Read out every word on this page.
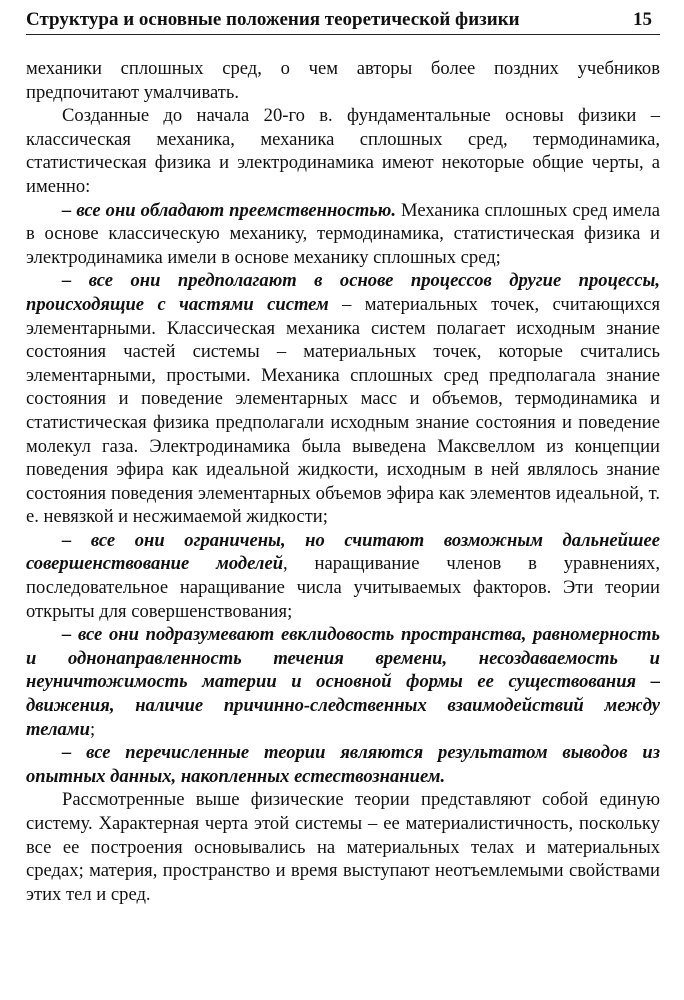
Структура и основные положения теоретической физики	15

механики сплошных сред, о чем авторы более поздних учебников предпочитают умалчивать.

Созданные до начала 20-го в. фундаментальные основы физики – классическая механика, механика сплошных сред, термодинамика, статистическая физика и электродинамика имеют некоторые общие черты, а именно:

– все они обладают преемственностью. Механика сплошных сред имела в основе классическую механику, термодинамика, статистическая физика и электродинамика имели в основе механику сплошных сред;

– все они предполагают в основе процессов другие процессы, происходящие с частями систем – материальных точек, считающихся элементарными. Классическая механика систем полагает исходным знание состояния частей системы – материальных точек, которые считались элементарными, простыми. Механика сплошных сред предполагала знание состояния и поведение элементарных масс и объемов, термодинамика и статистическая физика предполагали исходным знание состояния и поведение молекул газа. Электродинамика была выведена Максвеллом из концепции поведения эфира как идеальной жидкости, исходным в ней являлось знание состояния поведения элементарных объемов эфира как элементов идеальной, т. е. невязкой и несжимаемой жидкости;

– все они ограничены, но считают возможным дальнейшее совершенствование моделей, наращивание членов в уравнениях, последовательное наращивание числа учитываемых факторов. Эти теории открыты для совершенствования;

– все они подразумевают евклидовость пространства, равномерность и однонаправленность течения времени, несоздаваемость и неуничтожимость материи и основной формы ее существования – движения, наличие причинно-следственных взаимодействий между телами;

– все перечисленные теории являются результатом выводов из опытных данных, накопленных естествознанием.

Рассмотренные выше физические теории представляют собой единую систему. Характерная черта этой системы – ее материалистичность, поскольку все ее построения основывались на материальных телах и материальных средах; материя, пространство и время выступают неотъемлемыми свойствами этих тел и сред.
